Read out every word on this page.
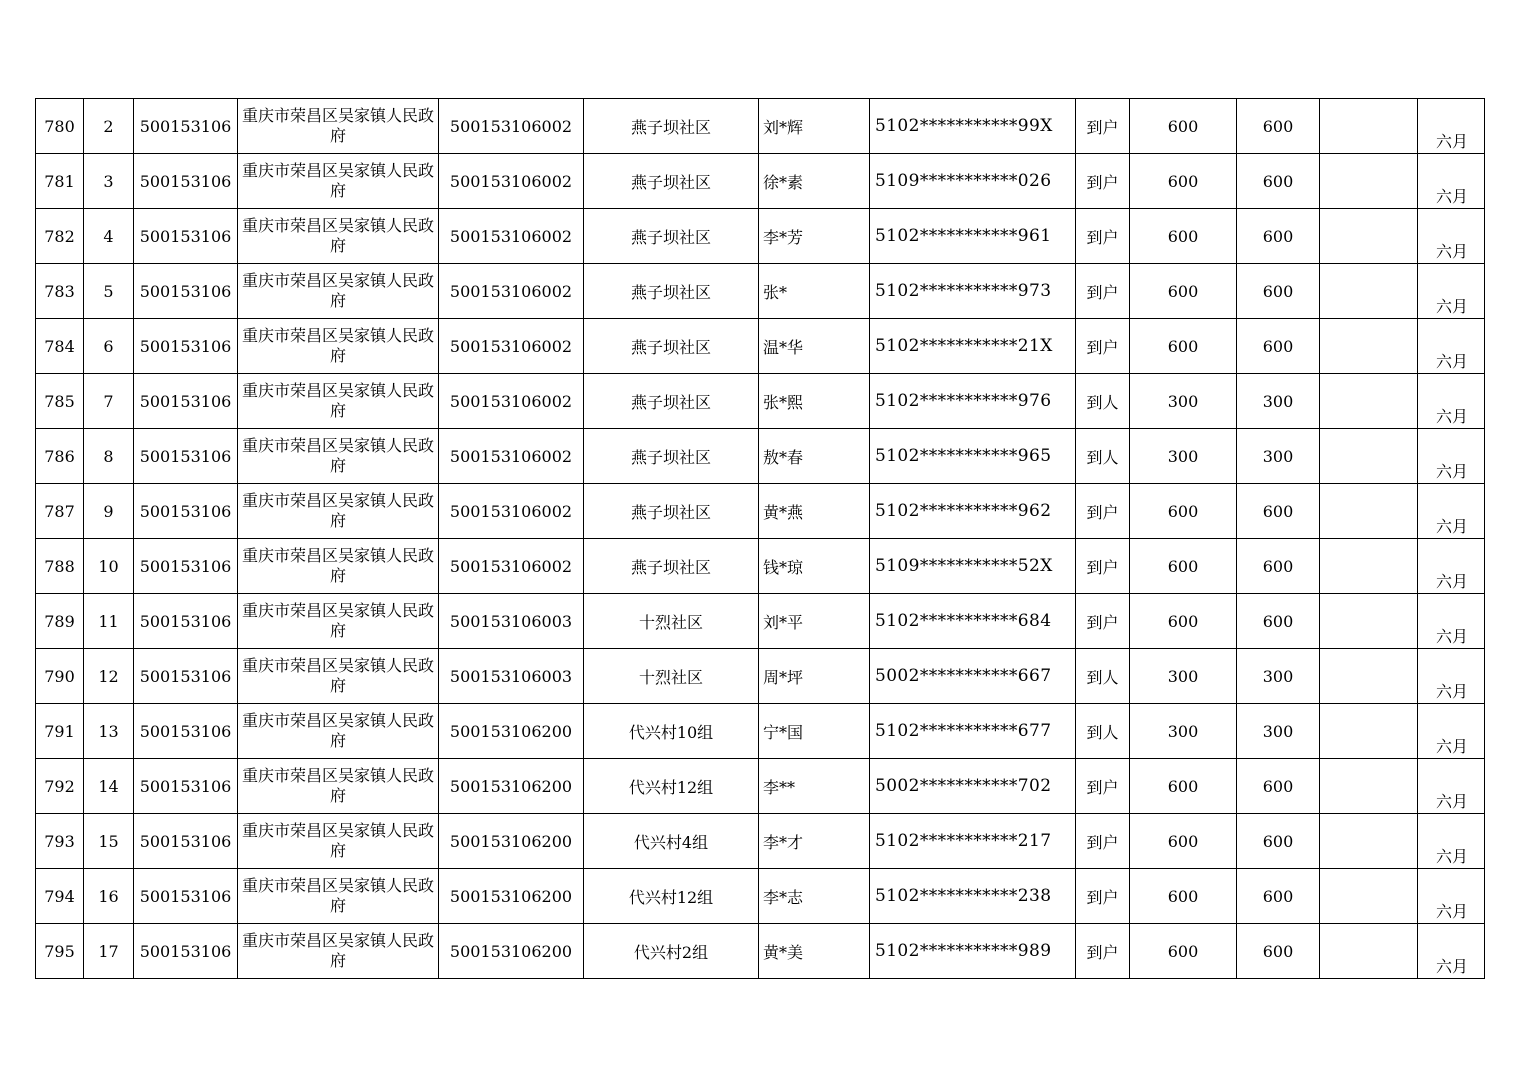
780	2	500153106	重庆市荣昌区吴家镇人民政府	500153106002	燕子坝社区	刘*辉	5102***********99X	到户	600	600		六月
781	3	500153106	重庆市荣昌区吴家镇人民政府	500153106002	燕子坝社区	徐*素	5109***********026	到户	600	600		六月
782	4	500153106	重庆市荣昌区吴家镇人民政府	500153106002	燕子坝社区	李*芳	5102***********961	到户	600	600		六月
783	5	500153106	重庆市荣昌区吴家镇人民政府	500153106002	燕子坝社区	张*	5102***********973	到户	600	600		六月
784	6	500153106	重庆市荣昌区吴家镇人民政府	500153106002	燕子坝社区	温*华	5102***********21X	到户	600	600		六月
785	7	500153106	重庆市荣昌区吴家镇人民政府	500153106002	燕子坝社区	张*熙	5102***********976	到人	300	300		六月
786	8	500153106	重庆市荣昌区吴家镇人民政府	500153106002	燕子坝社区	敖*春	5102***********965	到人	300	300		六月
787	9	500153106	重庆市荣昌区吴家镇人民政府	500153106002	燕子坝社区	黄*燕	5102***********962	到户	600	600		六月
788	10	500153106	重庆市荣昌区吴家镇人民政府	500153106002	燕子坝社区	钱*琼	5109***********52X	到户	600	600		六月
789	11	500153106	重庆市荣昌区吴家镇人民政府	500153106003	十烈社区	刘*平	5102***********684	到户	600	600		六月
790	12	500153106	重庆市荣昌区吴家镇人民政府	500153106003	十烈社区	周*坪	5002***********667	到人	300	300		六月
791	13	500153106	重庆市荣昌区吴家镇人民政府	500153106200	代兴村10组	宁*国	5102***********677	到人	300	300		六月
792	14	500153106	重庆市荣昌区吴家镇人民政府	500153106200	代兴村12组	李**	5002***********702	到户	600	600		六月
793	15	500153106	重庆市荣昌区吴家镇人民政府	500153106200	代兴村4组	李*才	5102***********217	到户	600	600		六月
794	16	500153106	重庆市荣昌区吴家镇人民政府	500153106200	代兴村12组	李*志	5102***********238	到户	600	600		六月
795	17	500153106	重庆市荣昌区吴家镇人民政府	500153106200	代兴村2组	黄*美	5102***********989	到户	600	600		六月
